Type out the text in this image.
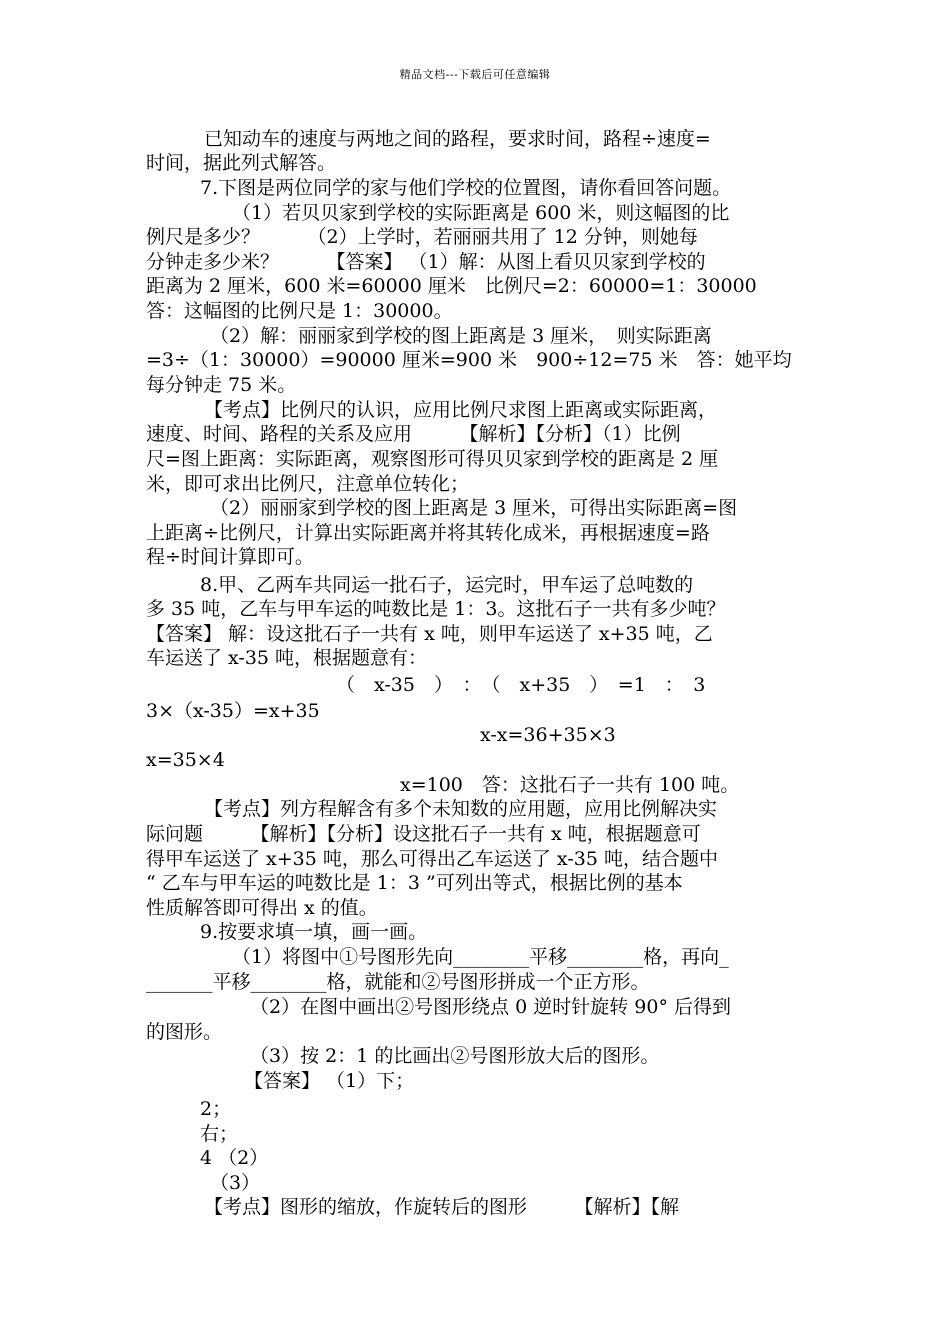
精品文档---下载后可任意编辑
已知动车的速度与两地之间的路程，要求时间，路程÷速度=
时间，据此列式解答。
7.下图是两位同学的家与他们学校的位置图，请你看回答问题。
（1）若贝贝家到学校的实际距离是 600 米，则这幅图的比
例尺是多少？　　　（2）上学时，若丽丽共用了 12 分钟，则她每
分钟走多少米？　　　【答案】 （1）解：从图上看贝贝家到学校的
距离为 2 厘米，600 米=60000 厘米　比例尺=2：60000=1：30000
答：这幅图的比例尺是 1：30000。
（2）解：丽丽家到学校的图上距离是 3 厘米，　则实际距离
=3÷（1：30000）=90000 厘米=900 米　900÷12=75 米　答：她平均
每分钟走 75 米。
【考点】比例尺的认识，应用比例尺求图上距离或实际距离，
速度、时间、路程的关系及应用　　　【解析】【分析】（1）比例
尺=图上距离：实际距离，观察图形可得贝贝家到学校的距离是 2 厘
米，即可求出比例尺，注意单位转化；
（2）丽丽家到学校的图上距离是 3 厘米，可得出实际距离=图
上距离÷比例尺，计算出实际距离并将其转化成米，再根据速度=路
程÷时间计算即可。
8.甲、乙两车共同运一批石子，运完时，甲车运了总吨数的
多 35 吨，乙车与甲车运的吨数比是 1：3。这批石子一共有多少吨？
【答案】 解：设这批石子一共有 x 吨，则甲车运送了 x+35 吨，乙
车运送了 x-35 吨，根据题意有：
（　x-35　）　：　（　x+35　）　=1　：　3
3×（x-35）=x+35
x-x=36+35×3
x=35×4
x=100　答：这批石子一共有 100 吨。
【考点】列方程解含有多个未知数的应用题，应用比例解决实
际问题　　　【解析】【分析】设这批石子一共有 x 吨，根据题意可
得甲车运送了 x+35 吨，那么可得出乙车运送了 x-35 吨，结合题中
“ 乙车与甲车运的吨数比是 1：3 ”可列出等式，根据比例的基本
性质解答即可得出 x 的值。
9.按要求填一填，画一画。
（1）将图中①号图形先向________平移________格，再向_
_______平移________格，就能和②号图形拼成一个正方形。
（2）在图中画出②号图形绕点 0 逆时针旋转 90° 后得到
的图形。
（3）按 2：1 的比画出②号图形放大后的图形。
【答案】 （1）下；
2；
右；
4 （2）
（3）
【考点】图形的缩放，作旋转后的图形　　　【解析】【解
